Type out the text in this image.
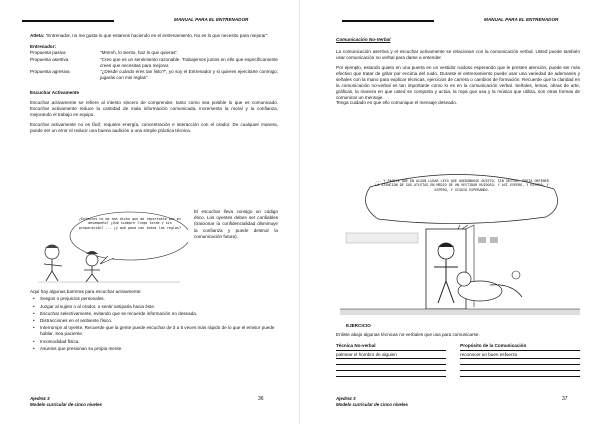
MANUAL PARA EL ENTRENADOR

Atleta: "Entrenador, no me gusta lo que estamos haciendo en el entrenamiento. No es lo que necesito para mejorar".

Entrenador:
Propuesta pasiva	"Mmmh, lo siento, haz lo que quieras".
Propuesta asertiva	"Creo que es un sentimiento razonable. Trabajemos juntos en ello que específicamente crees que necesitas para mejorar.
Propuesta agresiva	"¿Desde cuándo eres tan listo?", yo soy el Entrenador y si quieres ejercitarte conmigo, jugarás con mis reglas".
Escuchar Activamente

Escuchar activamente se refiere al intento sincero de comprender, tanto como sea posible lo que es comunicado. Escuchar activamente reduce la cantidad de mala información comunicada, incrementa la moral y la confianza, mejorando el trabajo en equipo.

Escuchar activamente no es fácil; requiere energía, concentración e interacción con el orador. De cualquier manera, puede ser un error el reducir una buena audición a una simple práctica técnica.

¿Entonces no me has dicho que me reportaste por mi desempeño? ¿Qué siempre llego tarde y sin preparación? ... ¿y qué pasa con todas las reglas?
El escuchar lleva consigo un código ético. Los oyentes deben ser confiables (traicionar la confidencialidad disminuye la confianza y puede destruir la comunicación futura).
Aquí hay algunas barreras para escuchar activamente:
• Sesgos o prejuicios personales.
• Juzgar al sujeto o al orador, o sentir antipatía hacia éste.
• Escuchar selectivamente, evitando que se recuerde información no deseada.
• Distracciones en el ambiente físico.
• Interrumpir al oyente. Recuerde que la gente puede escuchar de 3 a 5 veces más rápido de lo que el emisor puede hablar. Sea paciente.
• Incomodidad física.
• Asuntos que presionan su propia mente.
Ajedrez 3
Modelo curricular de cinco niveles
36
MANUAL PARA EL ENTRENADOR
Comunicación No-Verbal

La comunicación asertiva y el escuchar activamente se relacionan con la comunicación verbal. Usted puede también usar comunicación no verbal para darse a entender.

Por ejemplo, estando quieto en una puerta en un vestidor ruidoso esperando que le presten atención, puede ser más efectivo que tratar de gritar por encima del ruido. Durante el entrenamiento puede usar una variedad de ademanes y señales con la mano para explicar técnicas, ejercicios de carrera o cambios de formación. Recuerde que la claridad en la comunicación no-verbal es tan importante como lo es en la comunicación verbal. Señales, lemas, obras de arte, gráficas, la manera en que usted se comporta y actúa, la ropa que usa y la música que utiliza, son otras formas de comunicar un mensaje.

Tenga cuidado en que ello comunique el mensaje deseado.

... Y PARECE QUE EN ALGÚN LUGAR LEYÓ QUE QUEDÁNDOSE QUIETO, SIN GRITAR, PODÍA OBTENER LA ATENCIÓN DE SUS ATLETAS EN MEDIO DE UN VESTIDOR RUIDOSO. Y ASÍ ESPERÓ, Y ESPERÓ, Y ESPERÓ, Y SIGUIÓ ESPERANDO.
EJERCICIO
Enliste abajo algunas técnicas no-verbales que usa para comunicarse.
Técnica No-verbal		Propósito de la Comunicación
palmear el hombro de alguien		reconocer un buen esfuerzo

Ajedrez 3
Modelo curricular de cinco niveles
37
